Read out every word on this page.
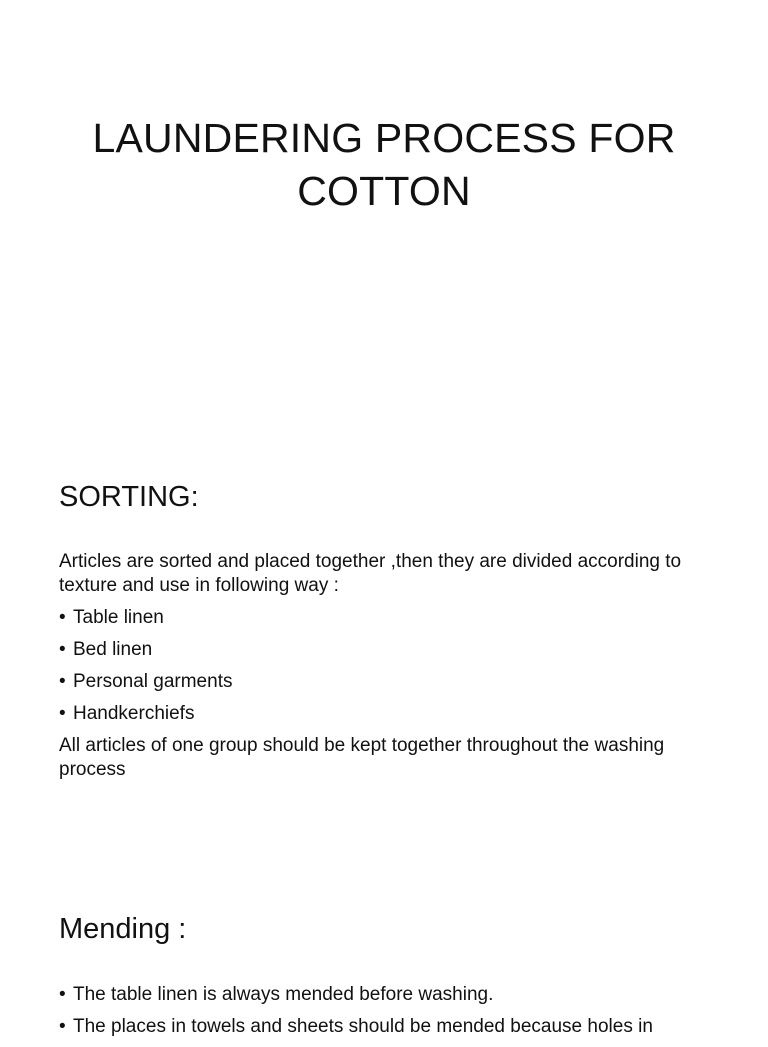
LAUNDERING PROCESS FOR COTTON
SORTING:

Articles are sorted and placed together ,then they are divided according to texture and use in following way :

• Table linen
• Bed linen
• Personal garments
• Handkerchiefs

All articles of one group should be kept together throughout the washing process

Mending :
• The table linen is always mended before washing.
• The places in towels and sheets should be mended because holes in
